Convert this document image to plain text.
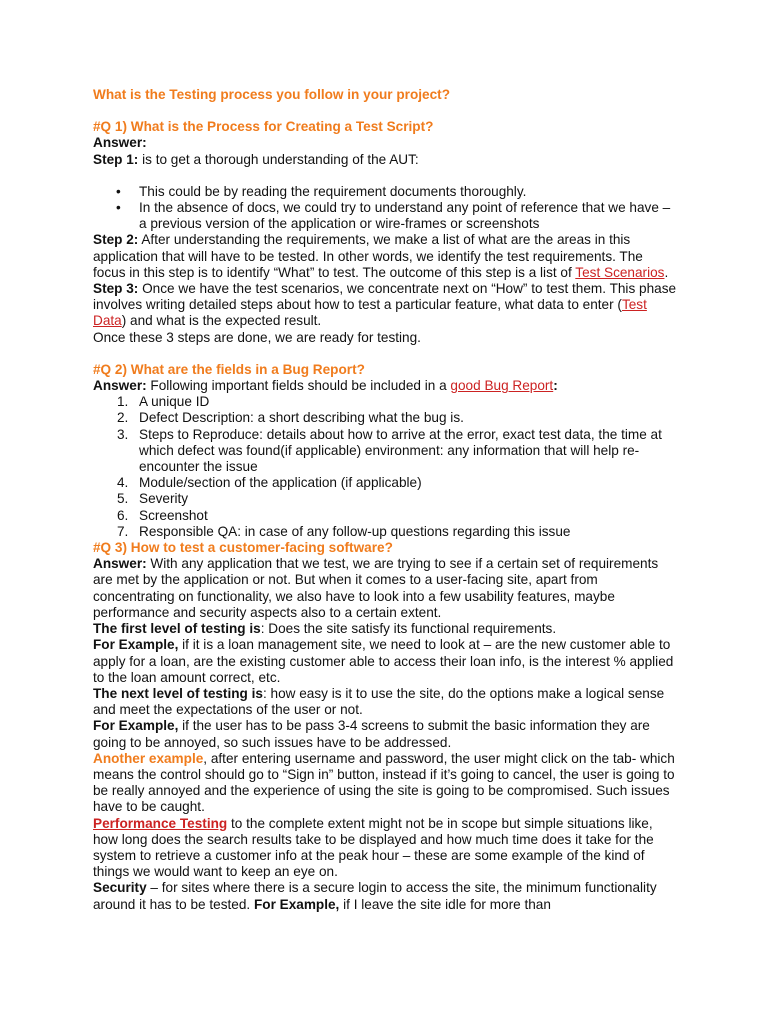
What is the Testing process you follow in your project?

#Q 1) What is the Process for Creating a Test Script?

Answer:

Step 1: is to get a thorough understanding of the AUT:

• This could be by reading the requirement documents thoroughly.
• In the absence of docs, we could try to understand any point of reference that we have – a previous version of the application or wire-frames or screenshots

Step 2: After understanding the requirements, we make a list of what are the areas in this application that will have to be tested. In other words, we identify the test requirements. The focus in this step is to identify “What” to test. The outcome of this step is a list of Test Scenarios.

Step 3: Once we have the test scenarios, we concentrate next on “How” to test them. This phase involves writing detailed steps about how to test a particular feature, what data to enter (Test Data) and what is the expected result.

Once these 3 steps are done, we are ready for testing.

#Q 2) What are the fields in a Bug Report?

Answer: Following important fields should be included in a good Bug Report:

1. A unique ID
2. Defect Description: a short describing what the bug is.
3. Steps to Reproduce: details about how to arrive at the error, exact test data, the time at which defect was found(if applicable) environment: any information that will help re-encounter the issue
4. Module/section of the application (if applicable)
5. Severity
6. Screenshot
7. Responsible QA: in case of any follow-up questions regarding this issue

#Q 3) How to test a customer-facing software?

Answer: With any application that we test, we are trying to see if a certain set of requirements are met by the application or not. But when it comes to a user-facing site, apart from concentrating on functionality, we also have to look into a few usability features, maybe performance and security aspects also to a certain extent.

The first level of testing is: Does the site satisfy its functional requirements.

For Example, if it is a loan management site, we need to look at – are the new customer able to apply for a loan, are the existing customer able to access their loan info, is the interest % applied to the loan amount correct, etc.

The next level of testing is: how easy is it to use the site, do the options make a logical sense and meet the expectations of the user or not.

For Example, if the user has to be pass 3-4 screens to submit the basic information they are going to be annoyed, so such issues have to be addressed.

Another example, after entering username and password, the user might click on the tab- which means the control should go to “Sign in” button, instead if it’s going to cancel, the user is going to be really annoyed and the experience of using the site is going to be compromised. Such issues have to be caught.

Performance Testing to the complete extent might not be in scope but simple situations like, how long does the search results take to be displayed and how much time does it take for the system to retrieve a customer info at the peak hour – these are some example of the kind of things we would want to keep an eye on.

Security – for sites where there is a secure login to access the site, the minimum functionality around it has to be tested. For Example, if I leave the site idle for more than
